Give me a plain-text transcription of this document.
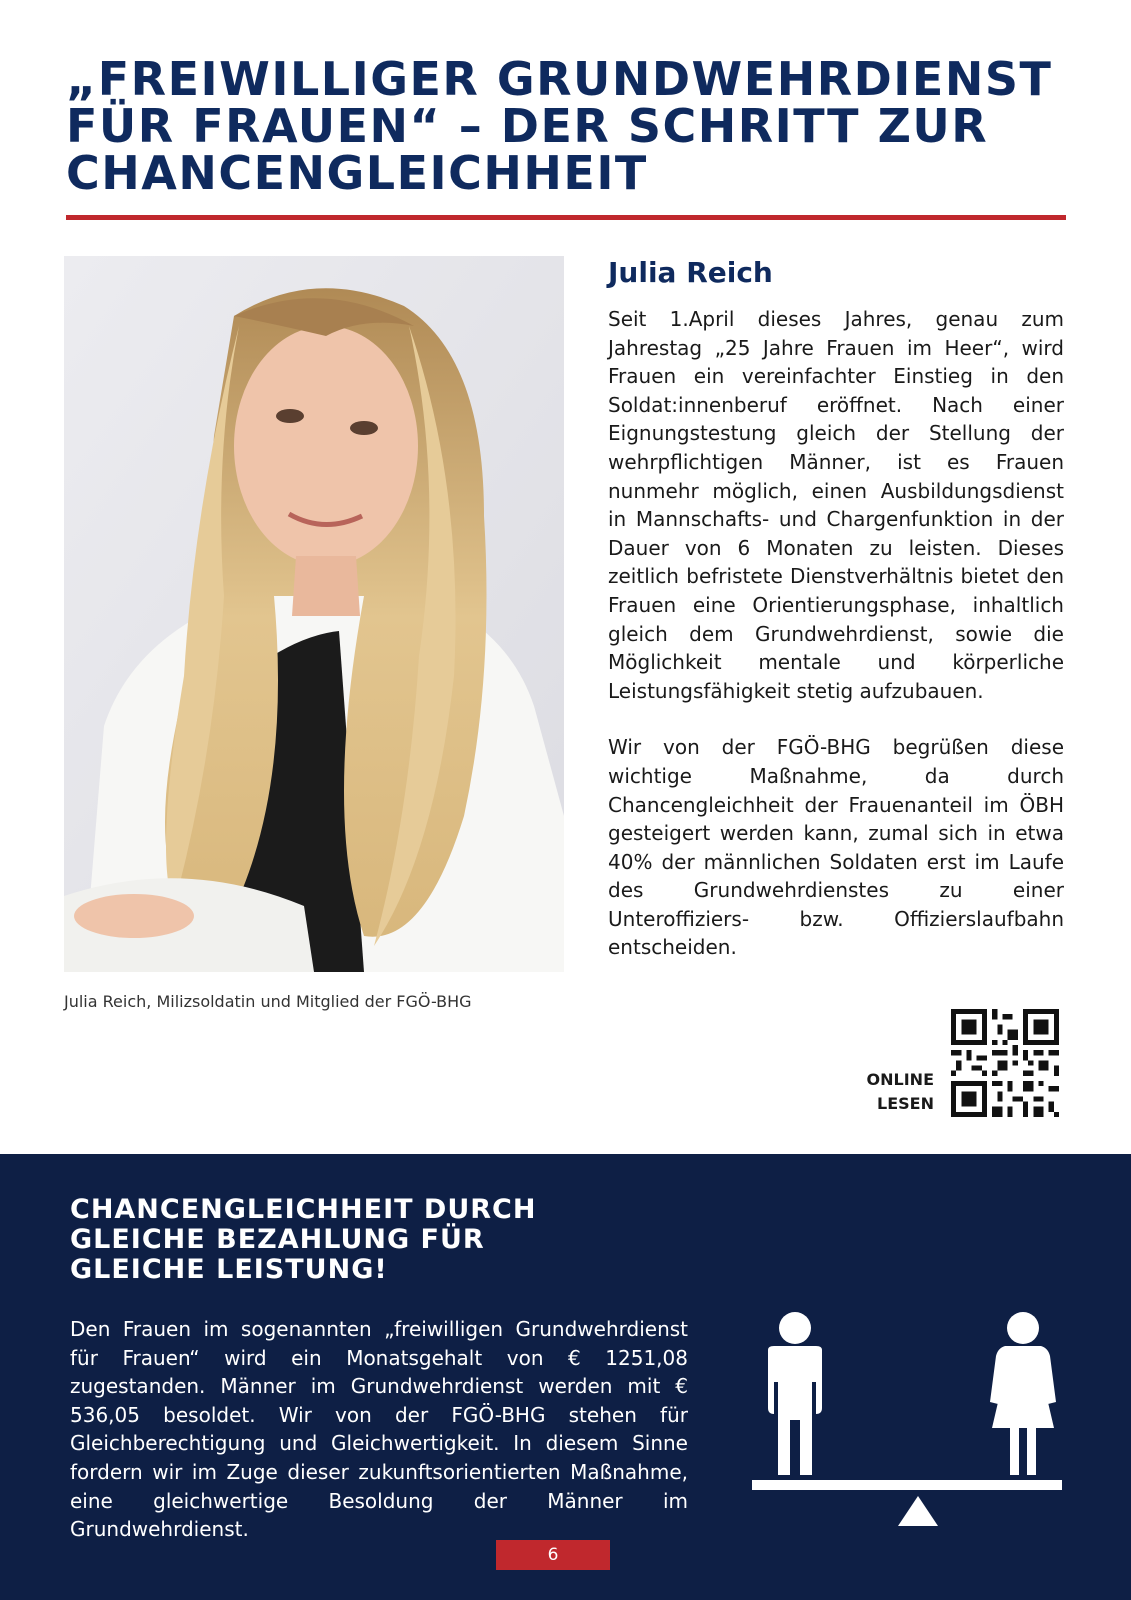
„FREIWILLIGER GRUNDWEHRDIENST
FÜR FRAUEN“ – DER SCHRITT ZUR
CHANCENGLEICHHEIT
Julia Reich, Milizsoldatin und Mitglied der FGÖ-BHG
Julia Reich

Seit 1.April dieses Jahres, genau zum Jahrestag „25 Jahre Frauen im Heer“, wird Frauen ein vereinfachter Einstieg in den Soldat:innenberuf eröffnet. Nach einer Eignungstestung gleich der Stellung der wehrpflichtigen Männer, ist es Frauen nunmehr möglich, einen Ausbildungsdienst in Mannschafts- und Chargenfunktion in der Dauer von 6 Monaten zu leisten. Dieses zeitlich befristete Dienstverhältnis bietet den Frauen eine Orientierungsphase, inhaltlich gleich dem Grundwehrdienst, sowie die Möglichkeit mentale und körperliche Leistungsfähigkeit stetig aufzubauen.

Wir von der FGÖ-BHG begrüßen diese wichtige Maßnahme, da durch Chancengleichheit der Frauenanteil im ÖBH gesteigert werden kann, zumal sich in etwa 40% der männlichen Soldaten erst im Laufe des Grundwehrdienstes zu einer Unteroffiziers- bzw. Offizierslaufbahn entscheiden.

ONLINE
LESEN
CHANCENGLEICHHEIT DURCH
GLEICHE BEZAHLUNG FÜR
GLEICHE LEISTUNG!
Den Frauen im sogenannten „freiwilligen Grundwehrdienst für Frauen“ wird ein Monatsgehalt von € 1251,08 zugestanden. Männer im Grundwehrdienst werden mit € 536,05 besoldet. Wir von der FGÖ-BHG stehen für Gleichberechtigung und Gleichwertigkeit. In diesem Sinne fordern wir im Zuge dieser zukunftsorientierten Maßnahme, eine gleichwertige Besoldung der Männer im Grundwehrdienst.
6
